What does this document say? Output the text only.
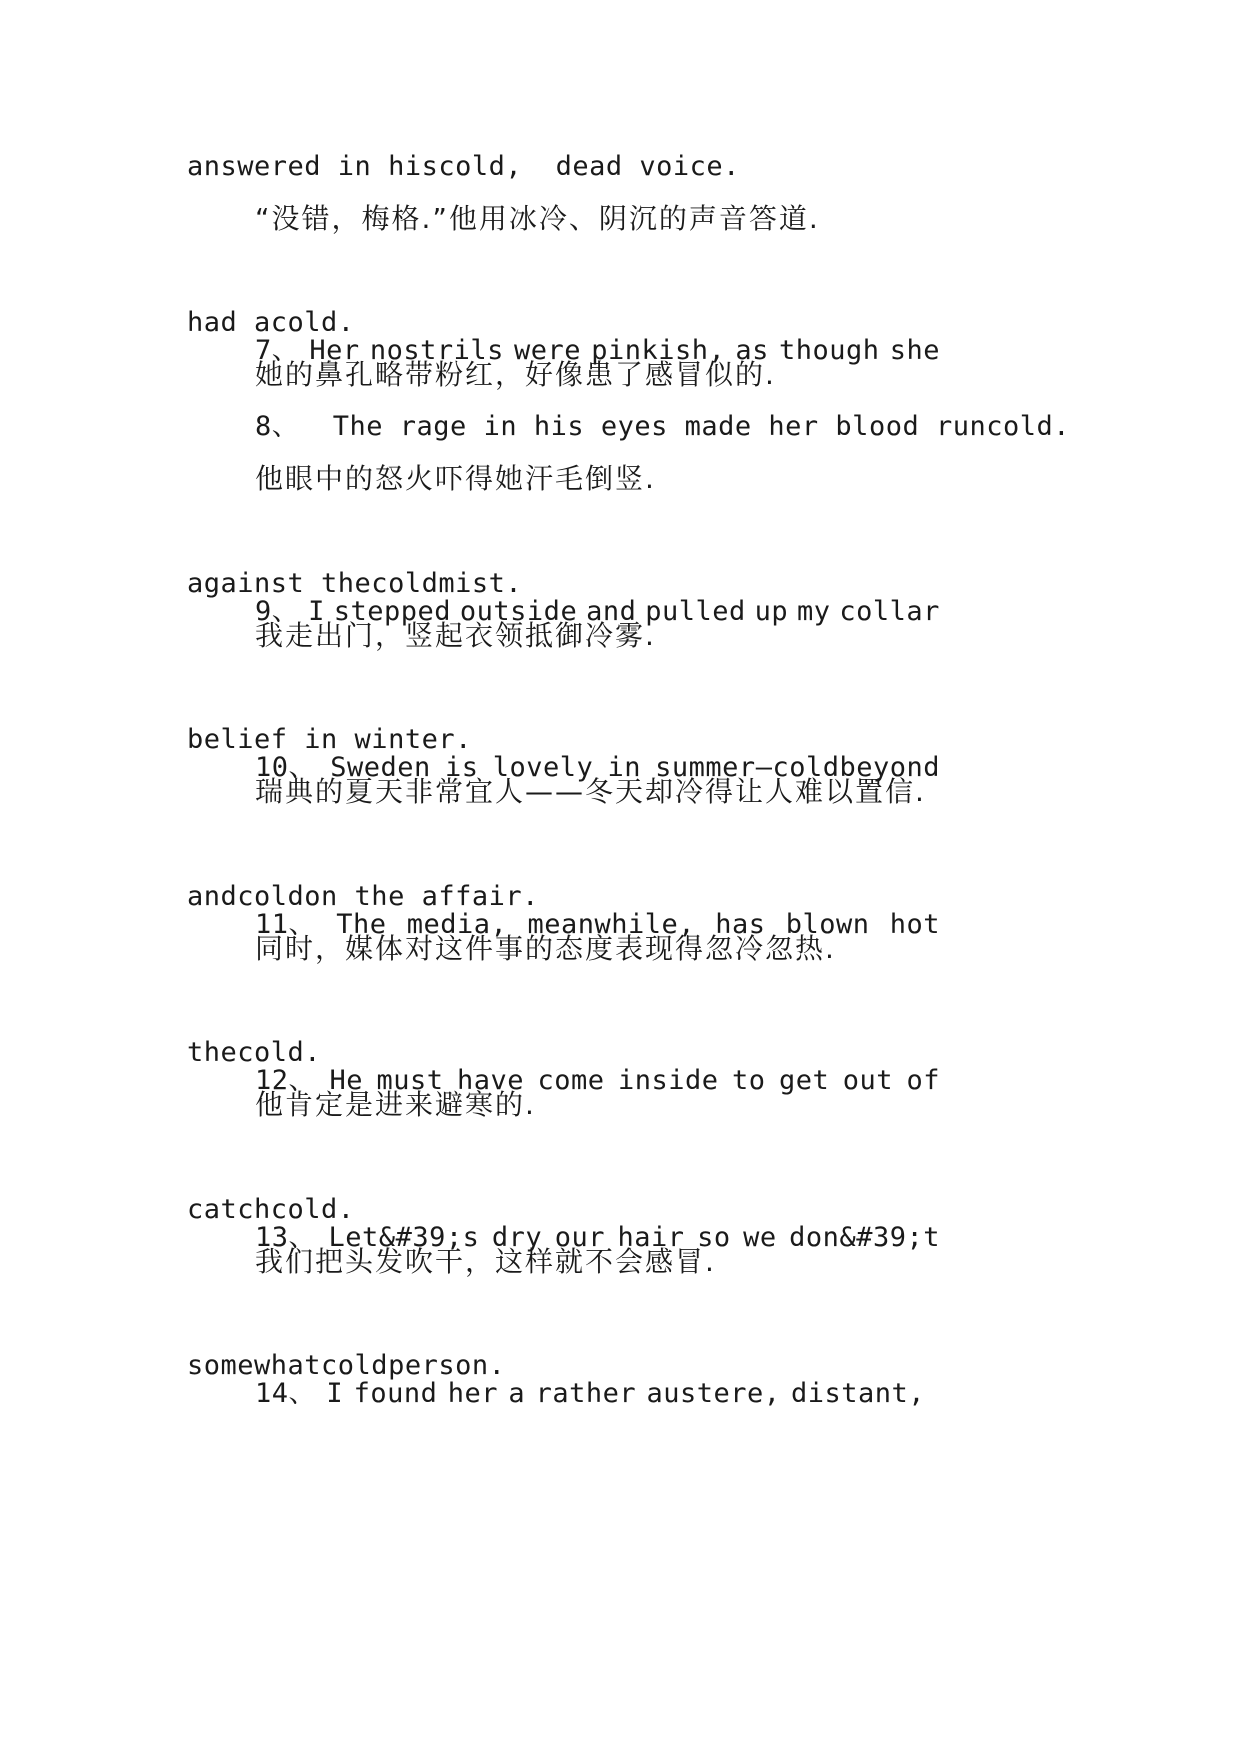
answered in hiscold,  dead voice.
“没错，梅格.”他用冰冷、阴沉的声音答道.

7、 Her nostrils were pinkish, as though she

had acold.
她的鼻孔略带粉红，好像患了感冒似的.
8、  The rage in his eyes made her blood runcold.
他眼中的怒火吓得她汗毛倒竖.

9、 I stepped outside and pulled up my collar

against thecoldmist.
我走出门，竖起衣领抵御冷雾.

10、 Sweden is lovely in summer—coldbeyond

belief in winter.
瑞典的夏天非常宜人——冬天却冷得让人难以置信.

11、 The media, meanwhile, has blown hot

andcoldon the affair.
同时，媒体对这件事的态度表现得忽冷忽热.

12、 He must have come inside to get out of

thecold.
他肯定是进来避寒的.

13、 Let&#39;s dry our hair so we don&#39;t

catchcold.
我们把头发吹干，这样就不会感冒.

14、 I found her a rather austere, distant,

somewhatcoldperson.
